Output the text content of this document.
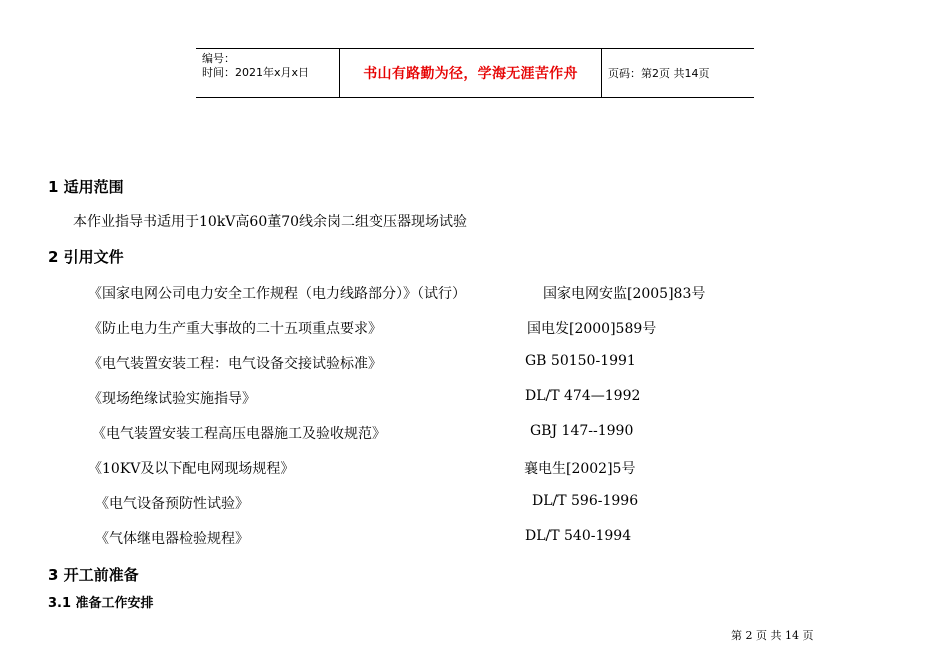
编号：
时间：2021年x月x日	书山有路勤为径，学海无涯苦作舟	页码：第2页 共14页
1 适用范围
本作业指导书适用于10kV高60董70线余岗二组变压器现场试验
2 引用文件
《国家电网公司电力安全工作规程（电力线路部分）》（试行）	国家电网安监[2005]83号
《防止电力生产重大事故的二十五项重点要求》	国电发[2000]589号
《电气装置安装工程：电气设备交接试验标准》	GB 50150-1991
《现场绝缘试验实施指导》	DL/T 474—1992
《电气装置安装工程高压电器施工及验收规范》	GBJ 147--1990
《10KV及以下配电网现场规程》	襄电生[2002]5号
《电气设备预防性试验》	DL/T 596-1996
《气体继电器检验规程》	DL/T 540-1994
3 开工前准备
3.1 准备工作安排
第 2 页 共 14 页
